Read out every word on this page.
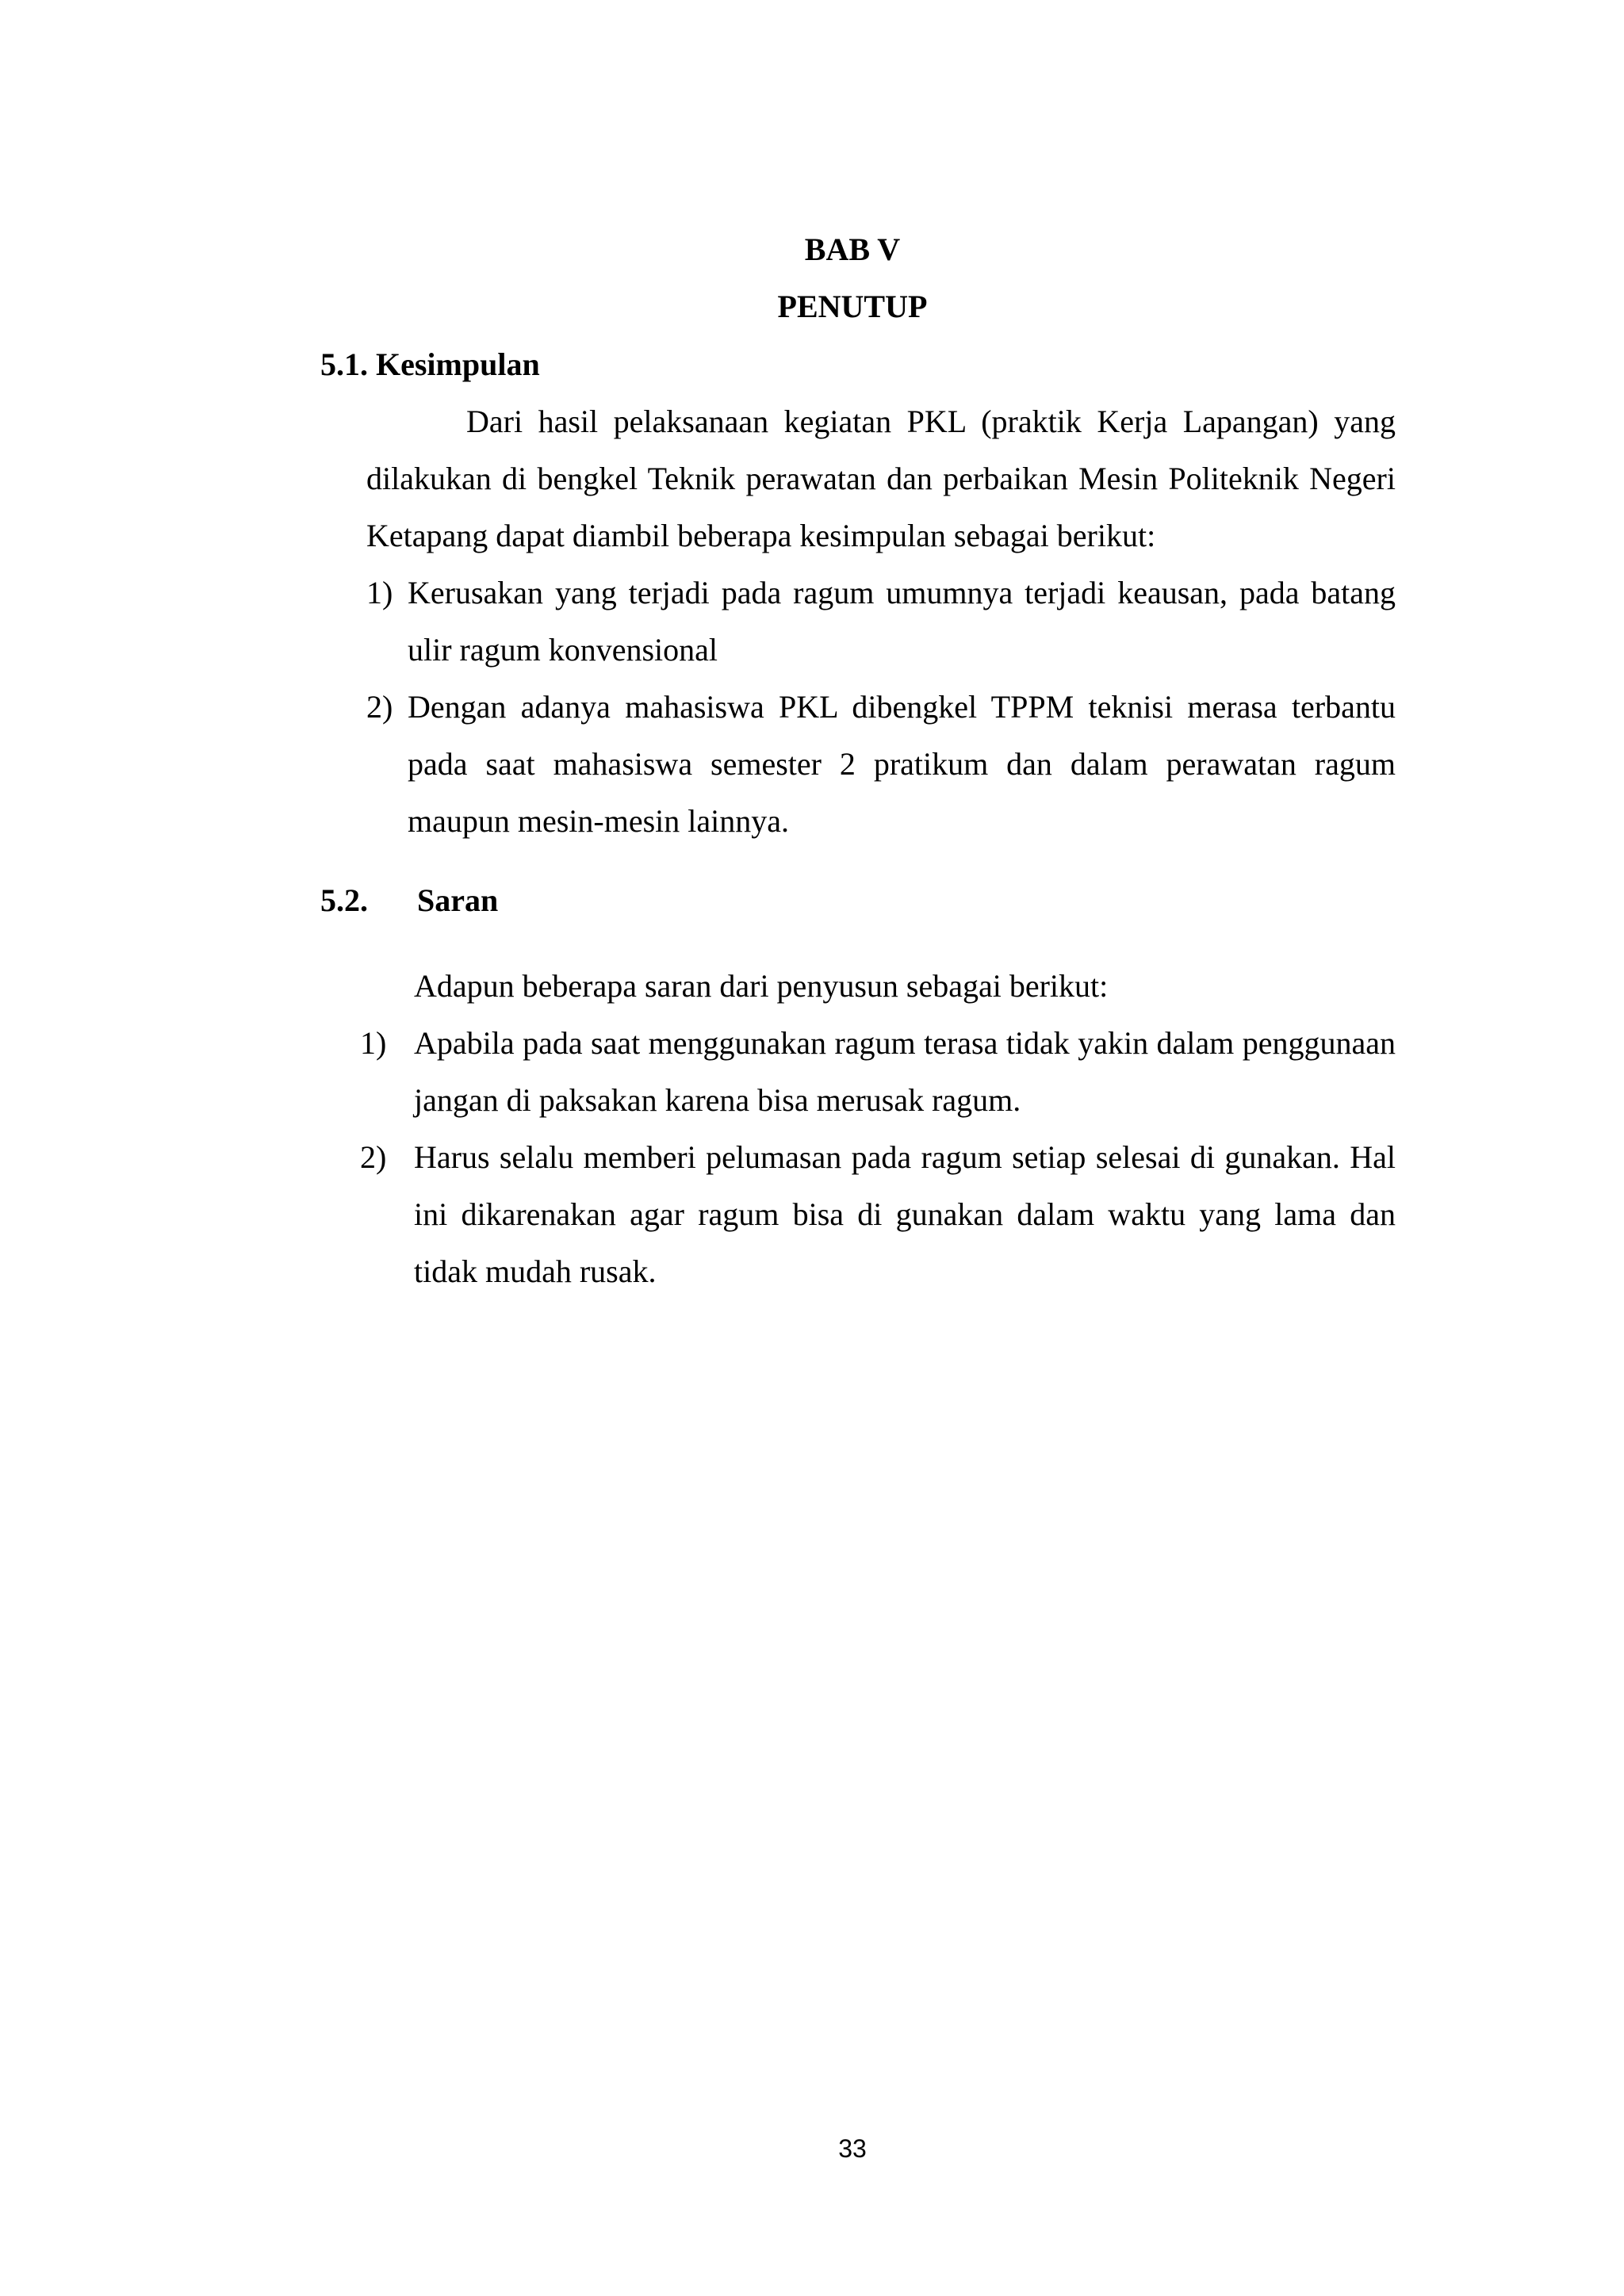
BAB V
PENUTUP
5.1. Kesimpulan
Dari hasil pelaksanaan kegiatan PKL (praktik Kerja Lapangan) yang dilakukan di bengkel Teknik perawatan dan perbaikan Mesin Politeknik Negeri Ketapang dapat diambil beberapa kesimpulan sebagai berikut:
1) Kerusakan yang terjadi pada ragum umumnya terjadi keausan, pada batang ulir ragum konvensional
2) Dengan adanya mahasiswa PKL dibengkel TPPM teknisi merasa terbantu pada saat mahasiswa semester 2 pratikum dan dalam perawatan ragum maupun mesin-mesin lainnya.
5.2. Saran
Adapun beberapa saran dari penyusun sebagai berikut:
1) Apabila pada saat menggunakan ragum terasa tidak yakin dalam penggunaan jangan di paksakan karena bisa merusak ragum.
2) Harus selalu memberi pelumasan pada ragum setiap selesai di gunakan. Hal ini dikarenakan agar ragum bisa di gunakan dalam waktu yang lama dan tidak mudah rusak.
33
